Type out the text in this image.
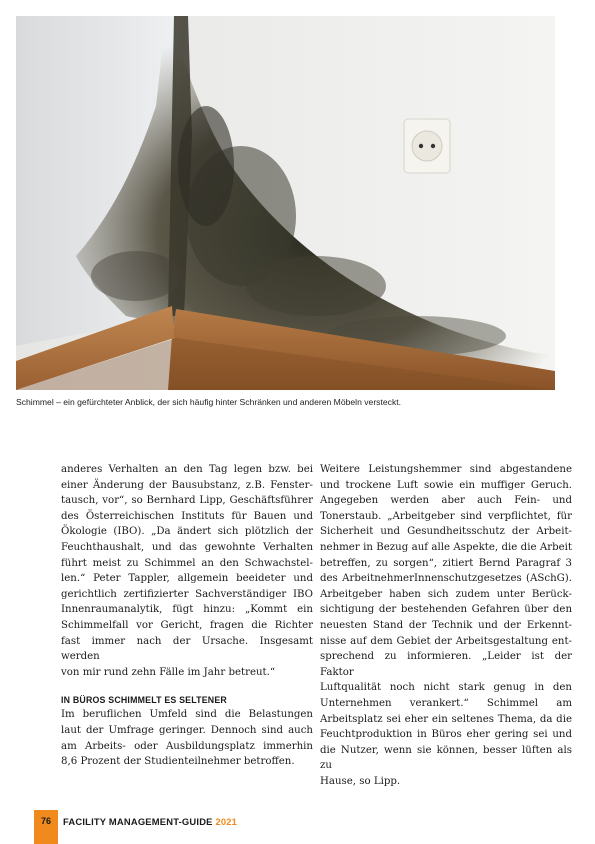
Schimmel – ein gefürchteter Anblick, der sich häufig hinter Schränken und anderen Möbeln versteckt.

anderes Verhalten an den Tag legen bzw. bei
einer Änderung der Bausubstanz, z.B. Fenster-
tausch, vor“, so Bernhard Lipp, Geschäftsführer
des Österreichischen Instituts für Bauen und
Ökologie (IBO). „Da ändert sich plötzlich der
Feuchthaushalt, und das gewohnte Verhalten
führt meist zu Schimmel an den Schwachstel-
len.“ Peter Tappler, allgemein beeideter und
gerichtlich zertifizierter Sachverständiger IBO
Innenraumanalytik, fügt hinzu: „Kommt ein
Schimmelfall vor Gericht, fragen die Richter
fast immer nach der Ursache. Insgesamt werden
von mir rund zehn Fälle im Jahr betreut.“

IN BÜROS SCHIMMELT ES SELTENER

Im beruflichen Umfeld sind die Belastungen
laut der Umfrage geringer. Dennoch sind auch
am Arbeits- oder Ausbildungsplatz immerhin
8,6 Prozent der Studienteilnehmer betroffen.

Weitere Leistungshemmer sind abgestandene
und trockene Luft sowie ein muffiger Geruch.
Angegeben werden aber auch Fein- und
Tonerstaub. „Arbeitgeber sind verpflichtet, für
Sicherheit und Gesundheitsschutz der Arbeit-
nehmer in Bezug auf alle Aspekte, die die Arbeit
betreffen, zu sorgen“, zitiert Bernd Paragraf 3
des ArbeitnehmerInnenschutzgesetzes (ASchG).
Arbeitgeber haben sich zudem unter Berück-
sichtigung der bestehenden Gefahren über den
neuesten Stand der Technik und der Erkennt-
nisse auf dem Gebiet der Arbeitsgestaltung ent-
sprechend zu informieren. „Leider ist der Faktor
Luftqualität noch nicht stark genug in den
Unternehmen verankert.“ Schimmel am
Arbeitsplatz sei eher ein seltenes Thema, da die
Feuchtproduktion in Büros eher gering sei und
die Nutzer, wenn sie können, besser lüften als zu
Hause, so Lipp.

76	FACILITY MANAGEMENT-GUIDE 2021
